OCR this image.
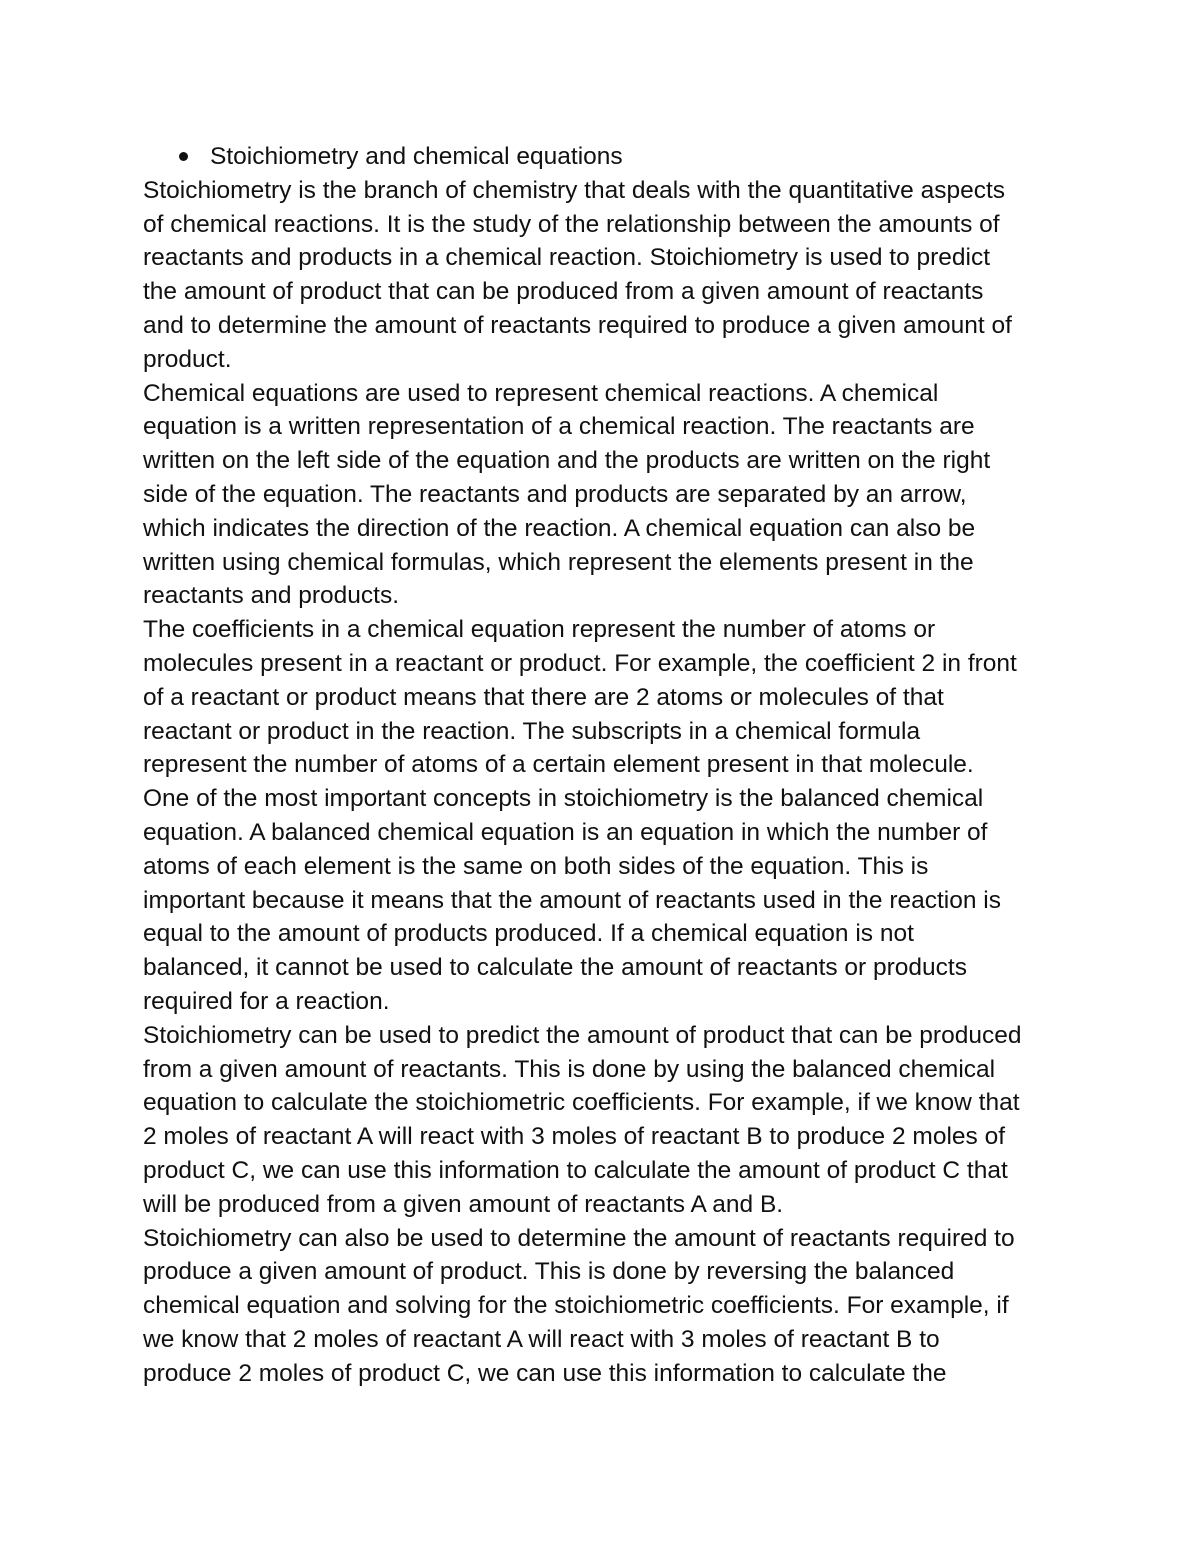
Stoichiometry and chemical equations

Stoichiometry is the branch of chemistry that deals with the quantitative aspects
of chemical reactions. It is the study of the relationship between the amounts of
reactants and products in a chemical reaction. Stoichiometry is used to predict
the amount of product that can be produced from a given amount of reactants
and to determine the amount of reactants required to produce a given amount of
product.

Chemical equations are used to represent chemical reactions. A chemical
equation is a written representation of a chemical reaction. The reactants are
written on the left side of the equation and the products are written on the right
side of the equation. The reactants and products are separated by an arrow,
which indicates the direction of the reaction. A chemical equation can also be
written using chemical formulas, which represent the elements present in the
reactants and products.

The coefficients in a chemical equation represent the number of atoms or
molecules present in a reactant or product. For example, the coefficient 2 in front
of a reactant or product means that there are 2 atoms or molecules of that
reactant or product in the reaction. The subscripts in a chemical formula
represent the number of atoms of a certain element present in that molecule.

One of the most important concepts in stoichiometry is the balanced chemical
equation. A balanced chemical equation is an equation in which the number of
atoms of each element is the same on both sides of the equation. This is
important because it means that the amount of reactants used in the reaction is
equal to the amount of products produced. If a chemical equation is not
balanced, it cannot be used to calculate the amount of reactants or products
required for a reaction.

Stoichiometry can be used to predict the amount of product that can be produced
from a given amount of reactants. This is done by using the balanced chemical
equation to calculate the stoichiometric coefficients. For example, if we know that
2 moles of reactant A will react with 3 moles of reactant B to produce 2 moles of
product C, we can use this information to calculate the amount of product C that
will be produced from a given amount of reactants A and B.

Stoichiometry can also be used to determine the amount of reactants required to
produce a given amount of product. This is done by reversing the balanced
chemical equation and solving for the stoichiometric coefficients. For example, if
we know that 2 moles of reactant A will react with 3 moles of reactant B to
produce 2 moles of product C, we can use this information to calculate the
